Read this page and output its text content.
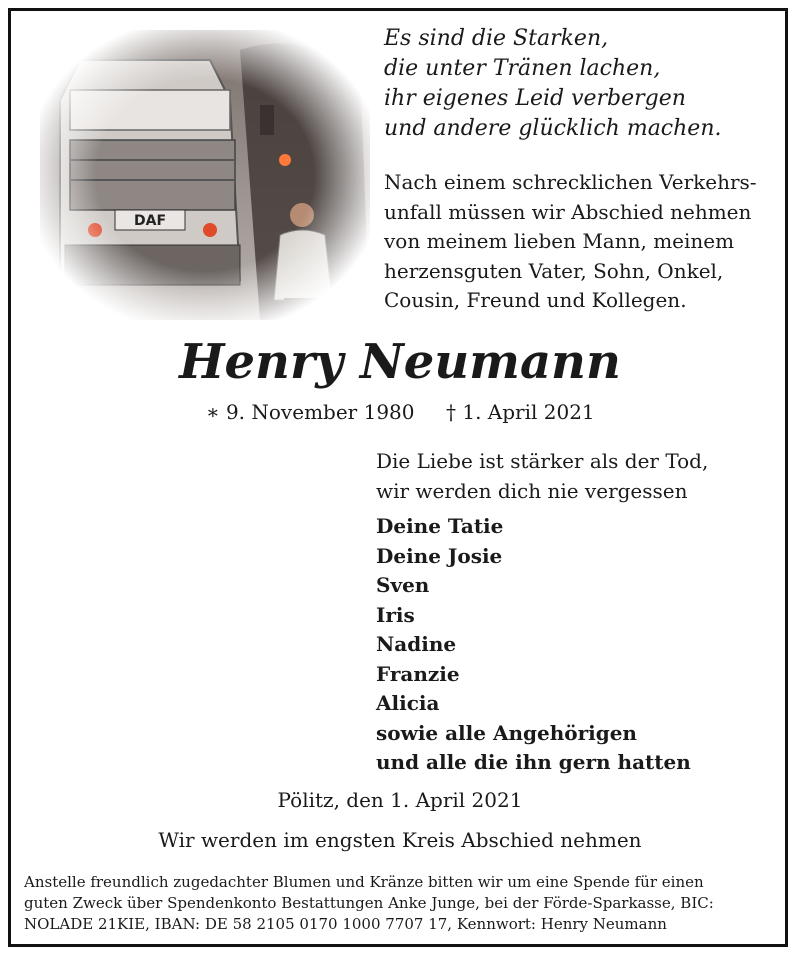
Es sind die Starken,
die unter Tränen lachen,
ihr eigenes Leid verbergen
und andere glücklich machen.
Nach einem schrecklichen Verkehrs-
unfall müssen wir Abschied nehmen
von meinem lieben Mann, meinem
herzensguten Vater, Sohn, Onkel,
Cousin, Freund und Kollegen.
Henry Neumann
∗ 9. November 1980 † 1. April 2021
Die Liebe ist stärker als der Tod,
wir werden dich nie vergessen
Deine Tatie
Deine Josie
Sven
Iris
Nadine
Franzie
Alicia
sowie alle Angehörigen
und alle die ihn gern hatten
Pölitz, den 1. April 2021
Wir werden im engsten Kreis Abschied nehmen
Anstelle freundlich zugedachter Blumen und Kränze bitten wir um eine Spende für einen
guten Zweck über Spendenkonto Bestattungen Anke Junge, bei der Förde-Sparkasse, BIC:
NOLADE 21KIE, IBAN: DE 58 2105 0170 1000 7707 17, Kennwort: Henry Neumann
